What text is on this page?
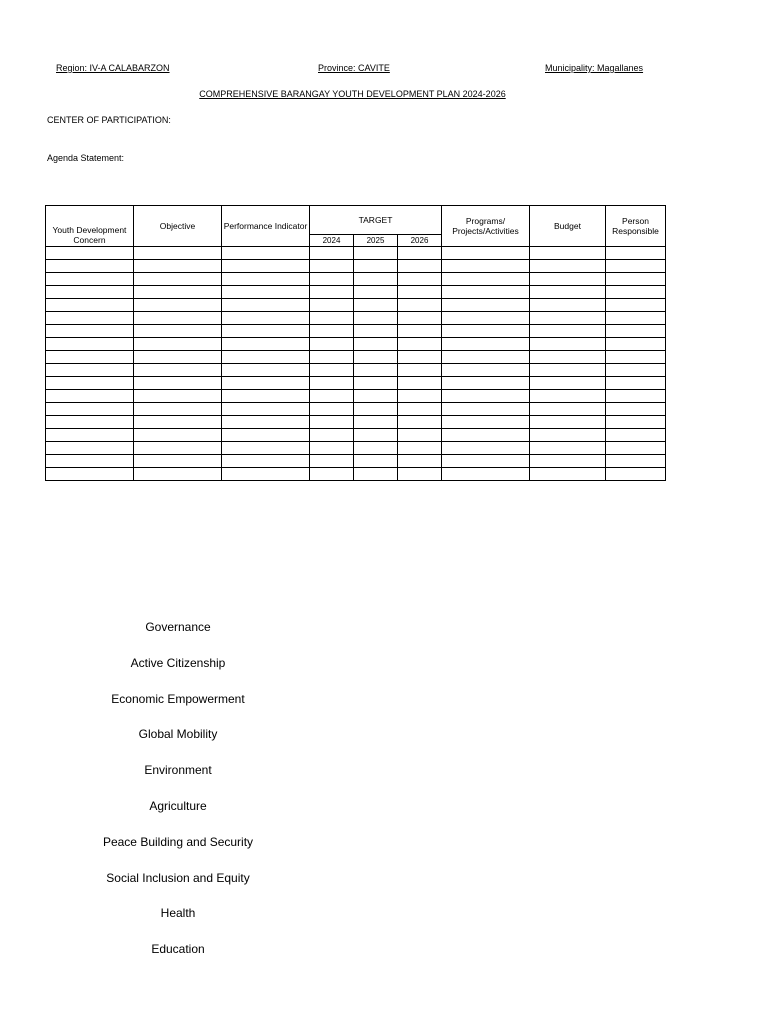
Region: IV-A CALABARZON	Province: CAVITE	Municipality: Magallanes
COMPREHENSIVE BARANGAY YOUTH DEVELOPMENT PLAN 2024-2026
CENTER OF PARTICIPATION:
Agenda Statement:
Youth Development Concern	Objective	Performance Indicator	TARGET			Programs/ Projects/Activities	Budget	Person Responsible
			2024	2025	2026			

Governance
Active Citizenship
Economic Empowerment
Global Mobility
Environment
Agriculture
Peace Building and Security
Social Inclusion and Equity
Health
Education
